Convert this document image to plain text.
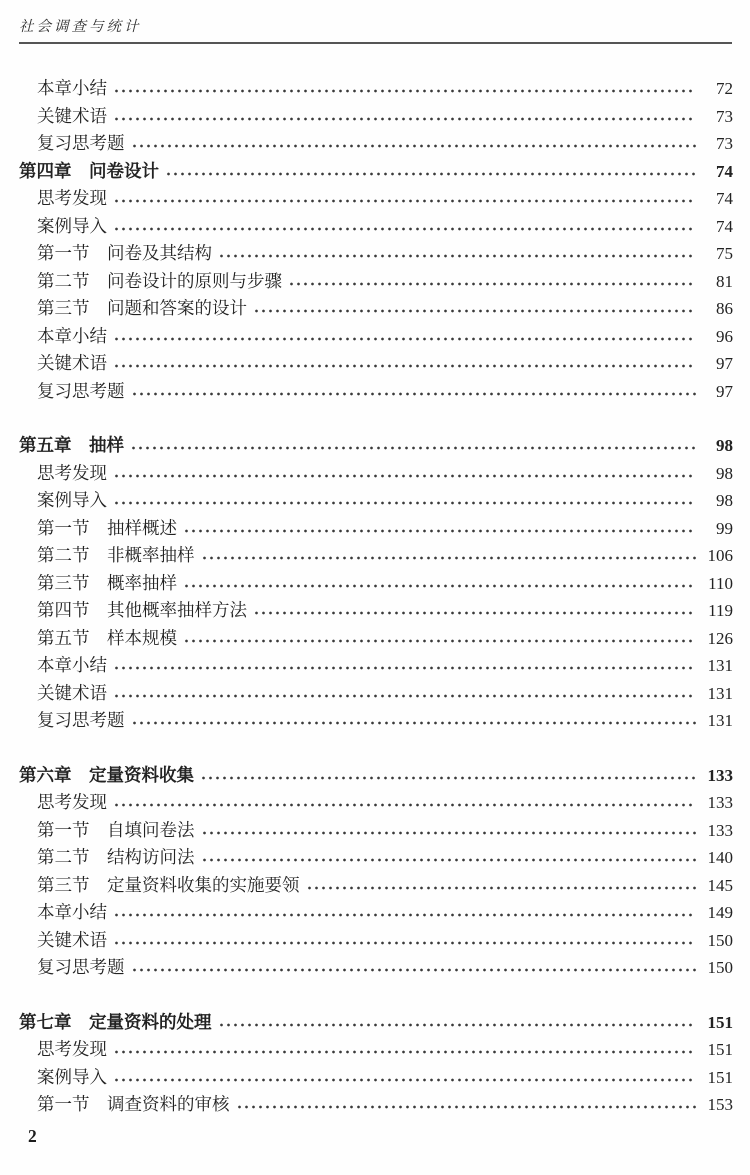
社会调查与统计
本章小结	72
关键术语	73
复习思考题	73
第四章　问卷设计	74
思考发现	74
案例导入	74
第一节　问卷及其结构	75
第二节　问卷设计的原则与步骤	81
第三节　问题和答案的设计	86
本章小结	96
关键术语	97
复习思考题	97
第五章　抽样	98
思考发现	98
案例导入	98
第一节　抽样概述	99
第二节　非概率抽样	106
第三节　概率抽样	110
第四节　其他概率抽样方法	119
第五节　样本规模	126
本章小结	131
关键术语	131
复习思考题	131
第六章　定量资料收集	133
思考发现	133
第一节　自填问卷法	133
第二节　结构访问法	140
第三节　定量资料收集的实施要领	145
本章小结	149
关键术语	150
复习思考题	150
第七章　定量资料的处理	151
思考发现	151
案例导入	151
第一节　调查资料的审核	153
2
